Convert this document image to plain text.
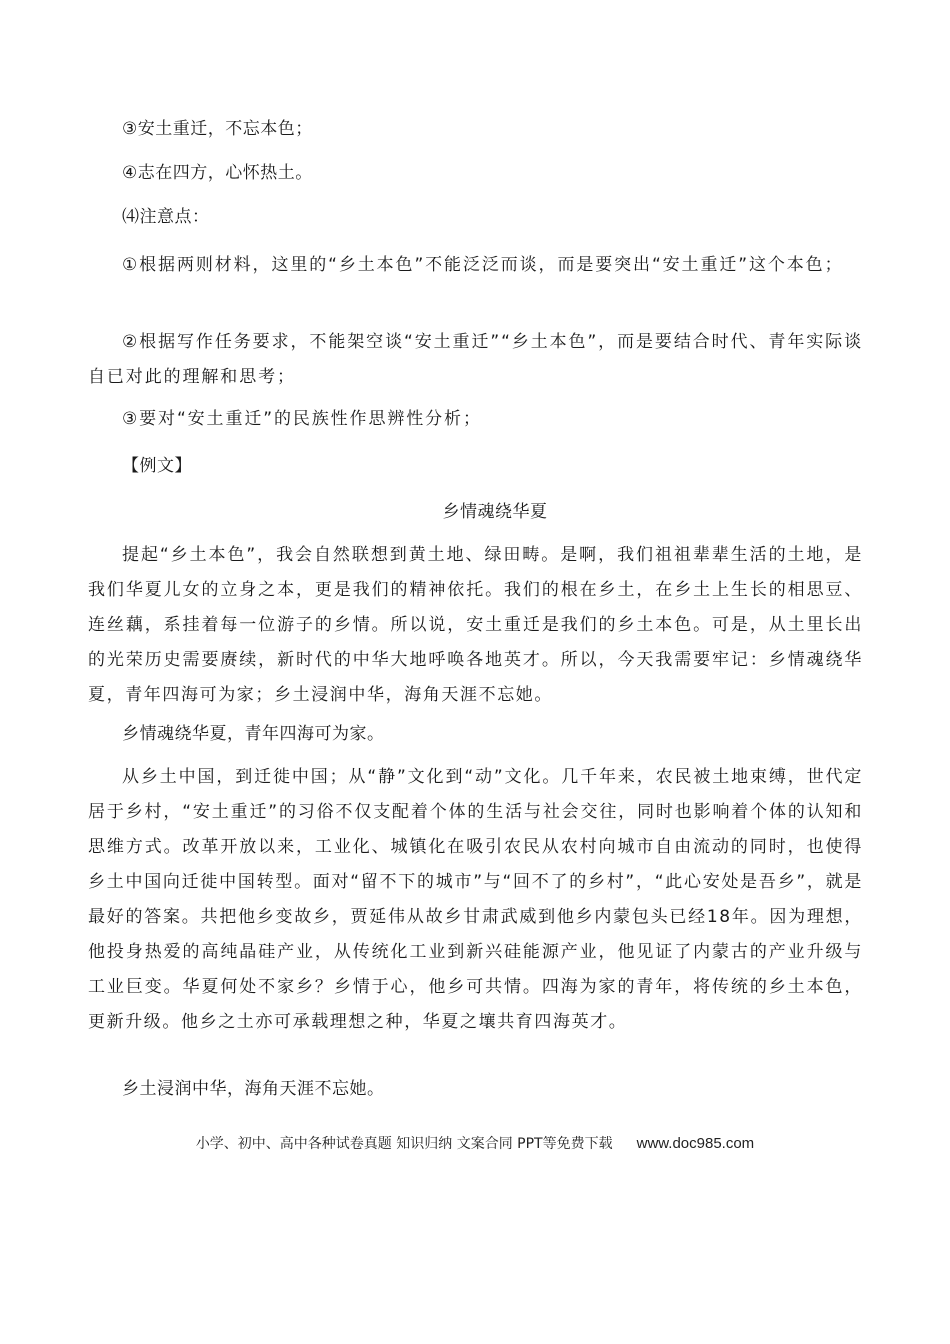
③安土重迁，不忘本色；
④志在四方，心怀热土。
⑷注意点：
①根据两则材料，这里的“乡土本色”不能泛泛而谈，而是要突出“安土重迁”这个本色；
②根据写作任务要求，不能架空谈“安土重迁”“乡土本色”，而是要结合时代、青年实际谈自已对此的理解和思考；
③要对“安土重迁”的民族性作思辨性分析；
【例文】
乡情魂绕华夏
提起“乡土本色”，我会自然联想到黄土地、绿田畴。是啊，我们祖祖辈辈生活的土地，是我们华夏儿女的立身之本，更是我们的精神依托。我们的根在乡土，在乡土上生长的相思豆、连丝藕，系挂着每一位游子的乡情。所以说，安土重迁是我们的乡土本色。可是，从土里长出的光荣历史需要赓续，新时代的中华大地呼唤各地英才。所以，今天我需要牢记：乡情魂绕华夏，青年四海可为家；乡土浸润中华，海角天涯不忘她。
乡情魂绕华夏，青年四海可为家。
从乡土中国，到迁徙中国；从“静”文化到“动”文化。几千年来，农民被土地束缚，世代定居于乡村，“安土重迁”的习俗不仅支配着个体的生活与社会交往，同时也影响着个体的认知和思维方式。改革开放以来，工业化、城镇化在吸引农民从农村向城市自由流动的同时，也使得乡土中国向迁徙中国转型。面对“留不下的城市”与“回不了的乡村”，“此心安处是吾乡”，就是最好的答案。共把他乡变故乡，贾延伟从故乡甘肃武威到他乡内蒙包头已经18年。因为理想，他投身热爱的高纯晶硅产业，从传统化工业到新兴硅能源产业，他见证了内蒙古的产业升级与工业巨变。华夏何处不家乡？乡情于心，他乡可共情。四海为家的青年，将传统的乡土本色，更新升级。他乡之土亦可承载理想之种，华夏之壤共育四海英才。
乡土浸润中华，海角天涯不忘她。
小学、初中、高中各种试卷真题 知识归纳 文案合同 PPT等免费下载 www.doc985.com
